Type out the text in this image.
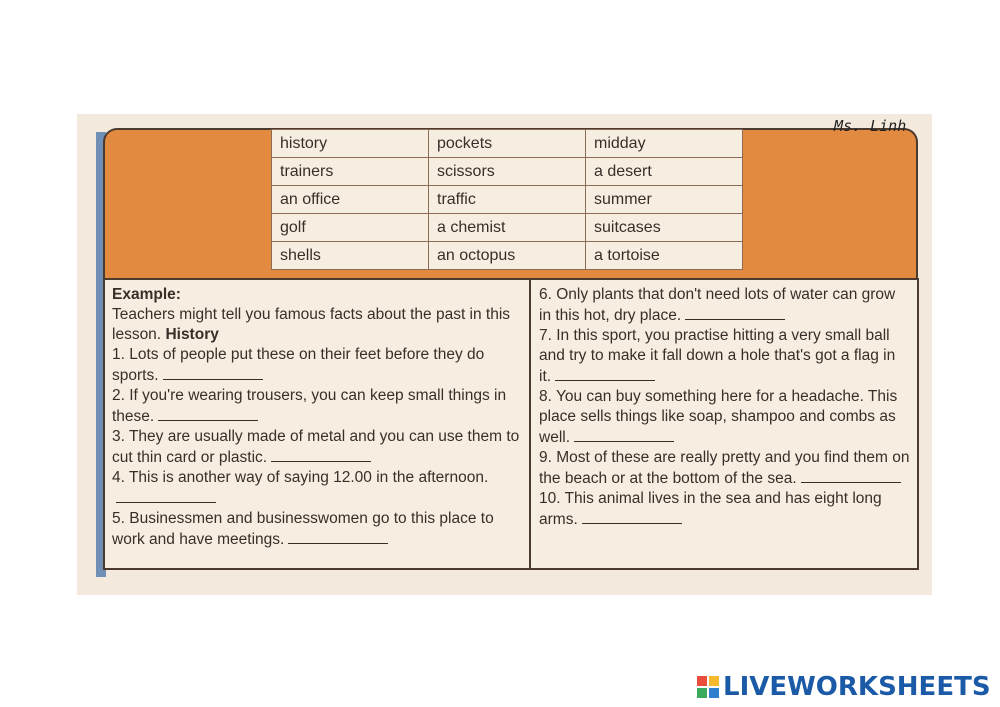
history	pockets	midday
trainers	scissors	a desert
an office	traffic	summer
golf	a chemist	suitcases
shells	an octopus	a tortoise

Example:
Teachers might tell you famous facts about the past in this lesson. History

1. Lots of people put these on their feet before they do sports.

2. If you're wearing trousers, you can keep small things in these.

3. They are usually made of metal and you can use them to cut thin card or plastic.

4. This is another way of saying 12.00 in the afternoon.

5. Businessmen and businesswomen go to this place to work and have meetings.

6. Only plants that don't need lots of water can grow in this hot, dry place.

7. In this sport, you practise hitting a very small ball and try to make it fall down a hole that's got a flag in it.

8. You can buy something here for a headache. This place sells things like soap, shampoo and combs as well.

9. Most of these are really pretty and you find them on the beach or at the bottom of the sea.

10. This animal lives in the sea and has eight long arms.

Ms. Linh
LIVEWORKSHEETS
